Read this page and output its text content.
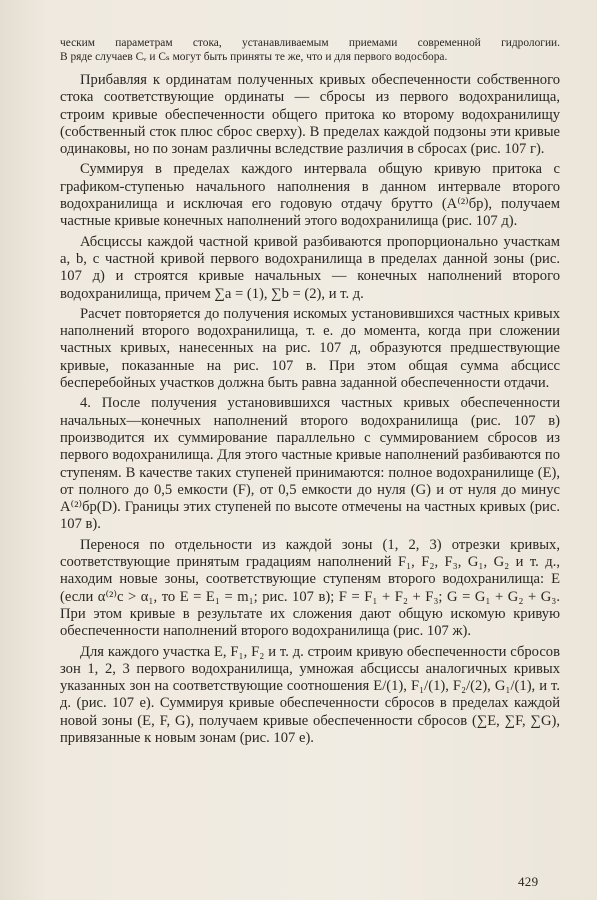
ческим параметрам стока, устанавливаемым приемами современной гидрологии.

В ряде случаев Cᵥ и Cₛ могут быть приняты те же, что и для первого водосбора.

Прибавляя к ординатам полученных кривых обеспеченности собственного стока соответствующие ординаты — сбросы из первого водохранилища, строим кривые обеспеченности общего притока ко второму водохранилищу (собственный сток плюс сброс сверху). В пределах каждой подзоны эти кривые одинаковы, но по зонам различны вследствие различия в сбросах (рис. 107 г).

Суммируя в пределах каждого интервала общую кривую притока с графиком-ступенью начального наполнения в данном интервале второго водохранилища и исключая его годовую отдачу брутто (A⁽²⁾бр), получаем частные кривые конечных наполнений этого водохранилища (рис. 107 д).

Абсциссы каждой частной кривой разбиваются пропорционально участкам a, b, c частной кривой первого водохранилища в пределах данной зоны (рис. 107 д) и строятся кривые начальных — конечных наполнений второго водохранилища, причем ∑a = (1), ∑b = (2), и т. д.

Расчет повторяется до получения искомых установившихся частных кривых наполнений второго водохранилища, т. е. до момента, когда при сложении частных кривых, нанесенных на рис. 107 д, образуются предшествующие кривые, показанные на рис. 107 в. При этом общая сумма абсцисс бесперебойных участков должна быть равна заданной обеспеченности отдачи.

4. После получения установившихся частных кривых обеспеченности начальных—конечных наполнений второго водохранилища (рис. 107 в) производится их суммирование параллельно с суммированием сбросов из первого водохранилища. Для этого частные кривые наполнений разбиваются по ступеням. В качестве таких ступеней принимаются: полное водохранилище (E), от полного до 0,5 емкости (F), от 0,5 емкости до нуля (G) и от нуля до минус A⁽²⁾бр(D). Границы этих ступеней по высоте отмечены на частных кривых (рис. 107 в).

Перенося по отдельности из каждой зоны (1, 2, 3) отрезки кривых, соответствующие принятым градациям наполнений F₁, F₂, F₃, G₁, G₂ и т. д., находим новые зоны, соответствующие ступеням второго водохранилища: E (если α⁽²⁾c > α₁, то E = E₁ = m₁; рис. 107 в); F = F₁ + F₂ + F₃; G = G₁ + G₂ + G₃. При этом кривые в результате их сложения дают общую искомую кривую обеспеченности наполнений второго водохранилища (рис. 107 ж).

Для каждого участка E, F₁, F₂ и т. д. строим кривую обеспеченности сбросов зон 1, 2, 3 первого водохранилища, умножая абсциссы аналогичных кривых указанных зон на соответствующие соотношения E/(1), F₁/(1), F₂/(2), G₁/(1), и т. д. (рис. 107 е). Суммируя кривые обеспеченности сбросов в пределах каждой новой зоны (E, F, G), получаем кривые обеспеченности сбросов (∑E, ∑F, ∑G), привязанные к новым зонам (рис. 107 е).

429
